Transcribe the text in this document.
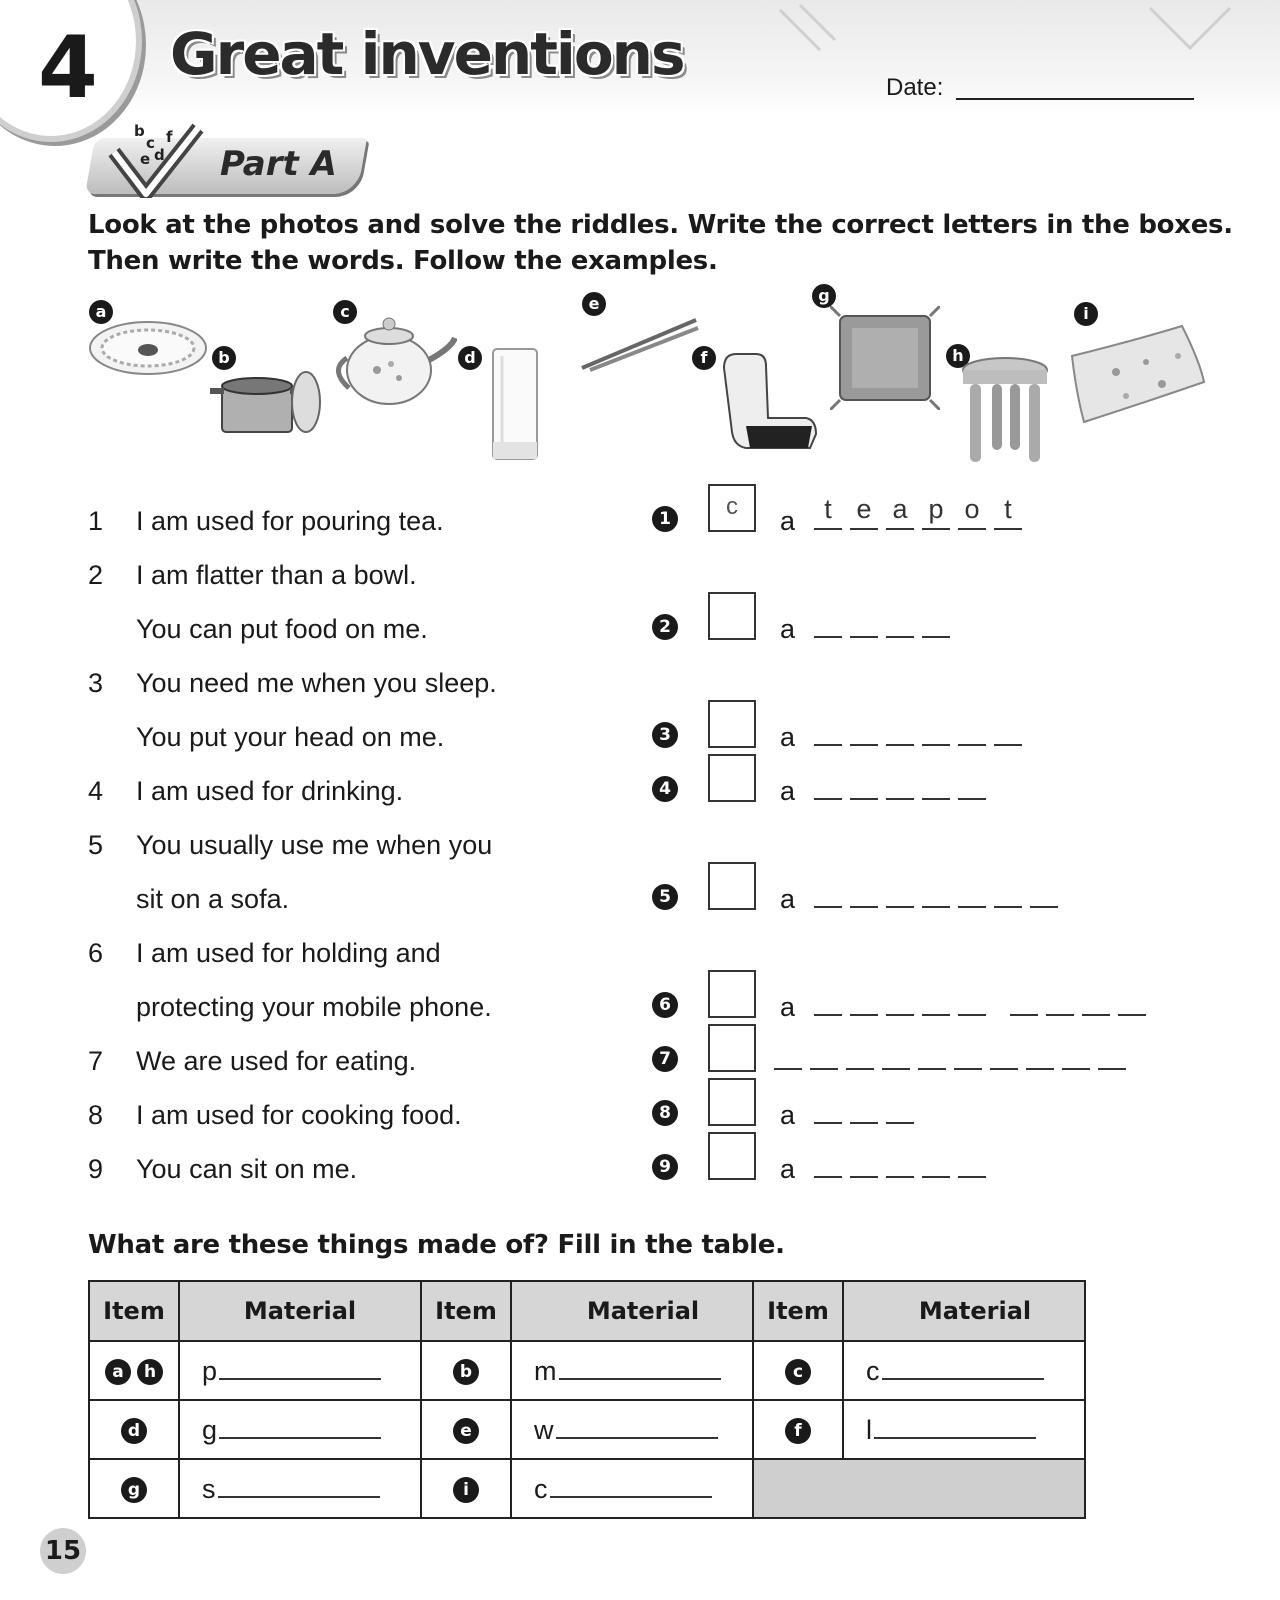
4 Great inventions	Date:
b
c
d
e
f
Part A
Look at the photos and solve the riddles. Write the correct letters in the boxes.
Then write the words. Follow the examples.
a
b
c
d
e
f
g
h
i
1 I am used for pouring tea.
2 I am flatter than a bowl.
You can put food on me.
3 You need me when you sleep.
You put your head on me.
4 I am used for drinking.
5 You usually use me when you
sit on a sofa.
6 I am used for holding and
protecting your mobile phone.
7 We are used for eating.
8 I am used for cooking food.
9 You can sit on me.
1	c	a	t e a p o t
2	a
3	a
4	a
5	a
6	a
7
8	a
9	a
What are these things made of? Fill in the table.
Item	Material	Item	Material	Item	Material
a h	p	b	m	c	c
d	g	e	w	f	l
g	s	i	c		
15
